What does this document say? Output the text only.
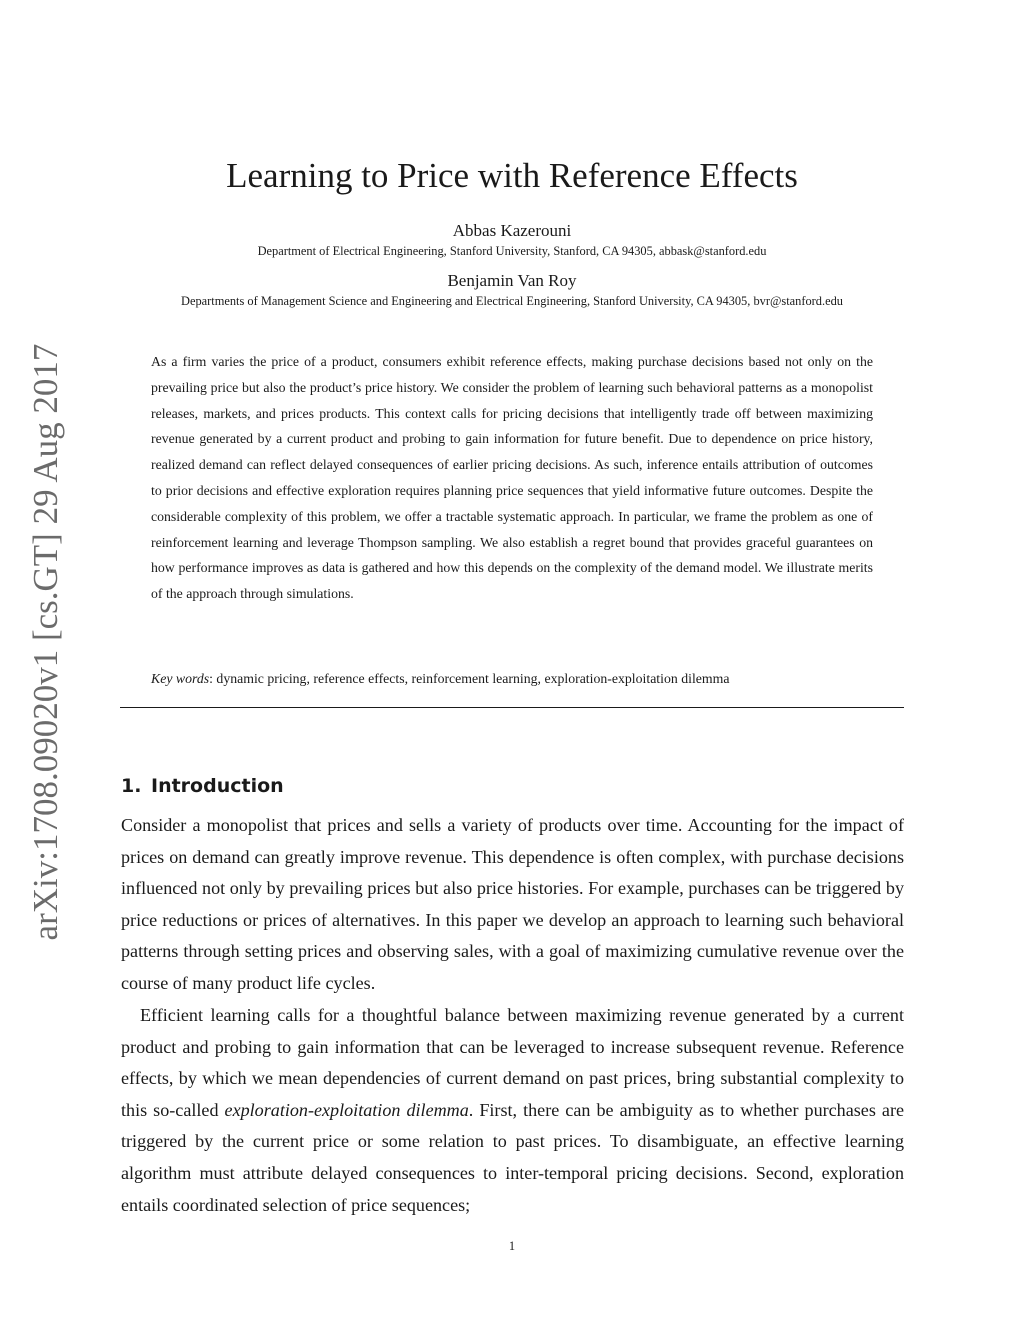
arXiv:1708.09020v1 [cs.GT] 29 Aug 2017
Learning to Price with Reference Effects
Abbas Kazerouni
Department of Electrical Engineering, Stanford University, Stanford, CA 94305, abbask@stanford.edu
Benjamin Van Roy
Departments of Management Science and Engineering and Electrical Engineering, Stanford University, CA 94305, bvr@stanford.edu

As a firm varies the price of a product, consumers exhibit reference effects, making purchase decisions based not only on the prevailing price but also the product’s price history. We consider the problem of learning such behavioral patterns as a monopolist releases, markets, and prices products. This context calls for pricing decisions that intelligently trade off between maximizing revenue generated by a current product and probing to gain information for future benefit. Due to dependence on price history, realized demand can reflect delayed consequences of earlier pricing decisions. As such, inference entails attribution of outcomes to prior decisions and effective exploration requires planning price sequences that yield informative future outcomes. Despite the considerable complexity of this problem, we offer a tractable systematic approach. In particular, we frame the problem as one of reinforcement learning and leverage Thompson sampling. We also establish a regret bound that provides graceful guarantees on how performance improves as data is gathered and how this depends on the complexity of the demand model. We illustrate merits of the approach through simulations.

Key words: dynamic pricing, reference effects, reinforcement learning, exploration-exploitation dilemma
1. Introduction

Consider a monopolist that prices and sells a variety of products over time. Accounting for the impact of prices on demand can greatly improve revenue. This dependence is often complex, with purchase decisions influenced not only by prevailing prices but also price histories. For example, purchases can be triggered by price reductions or prices of alternatives. In this paper we develop an approach to learning such behavioral patterns through setting prices and observing sales, with a goal of maximizing cumulative revenue over the course of many product life cycles.

Efficient learning calls for a thoughtful balance between maximizing revenue generated by a current product and probing to gain information that can be leveraged to increase subsequent revenue. Reference effects, by which we mean dependencies of current demand on past prices, bring substantial complexity to this so-called exploration-exploitation dilemma. First, there can be ambiguity as to whether purchases are triggered by the current price or some relation to past prices. To disambiguate, an effective learning algorithm must attribute delayed consequences to inter-temporal pricing decisions. Second, exploration entails coordinated selection of price sequences;

1
